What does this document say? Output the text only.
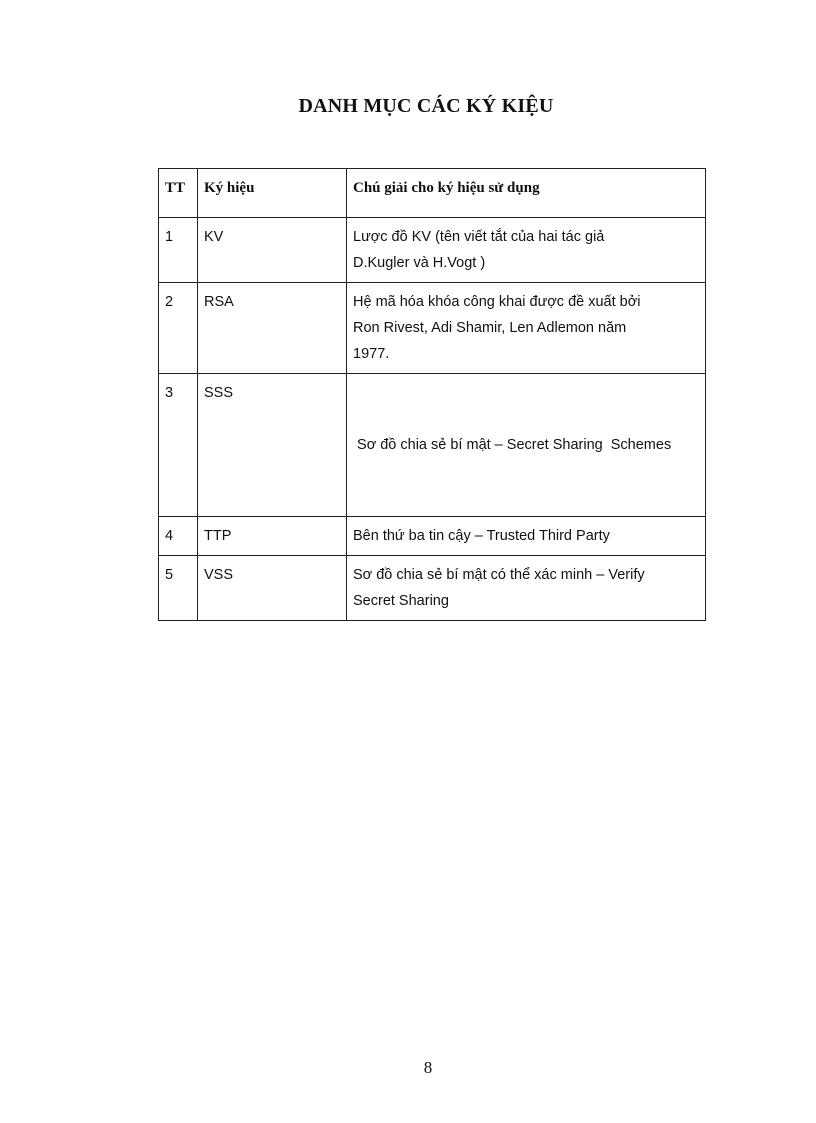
DANH MỤC CÁC KÝ KIỆU
TT	Ký hiệu	Chú giải cho ký hiệu sử dụng
1	KV	Lược đồ KV (tên viết tắt của hai tác giả
D.Kugler và H.Vogt )

2	RSA	Hệ mã hóa khóa công khai được đề xuất bởi
Ron Rivest, Adi Shamir, Len Adlemon năm
1977.

3	SSS	Sơ đồ chia sẻ bí mật – Secret Sharing  Schemes

4	TTP	Bên thứ ba tin cậy – Trusted Third Party

5	VSS	Sơ đồ chia sẻ bí mật có thể xác minh – Verify
Secret Sharing
8
